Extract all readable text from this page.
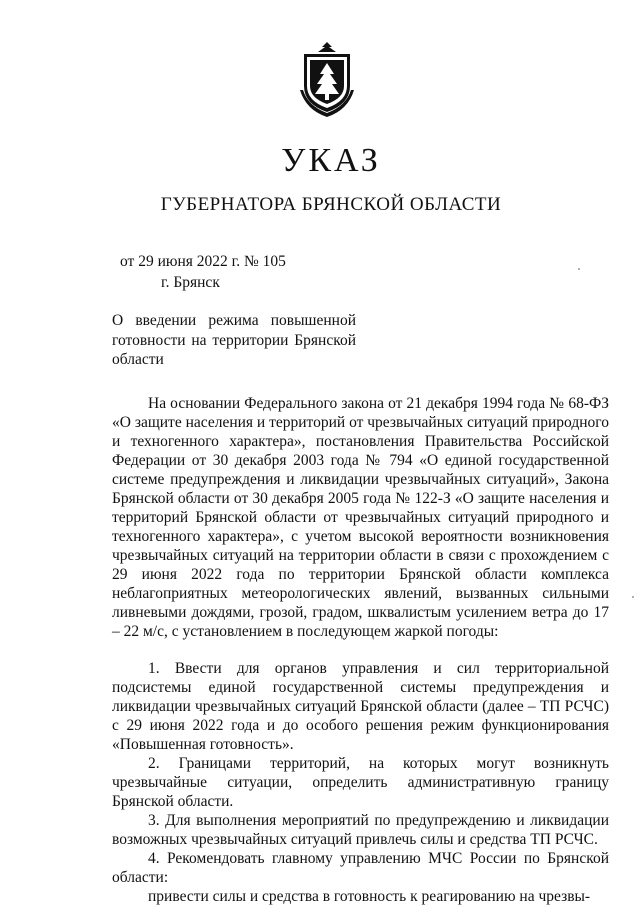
УКАЗ
ГУБЕРНАТОРА БРЯНСКОЙ ОБЛАСТИ
от 29 июня 2022 г. № 105
г. Брянск
О введении режима повышенной готовности на территории Брянской области

На основании Федерального закона от 21 декабря 1994 года № 68-ФЗ «О защите населения и территорий от чрезвычайных ситуаций природного и техногенного характера», постановления Правительства Российской Федерации от 30 декабря 2003 года № 794 «О единой государственной системе предупреждения и ликвидации чрезвычайных ситуаций», Закона Брянской области от 30 декабря 2005 года № 122-З «О защите населения и территорий Брянской области от чрезвычайных ситуаций природного и техногенного характера», с учетом высокой вероятности возникновения чрезвычайных ситуаций на территории области в связи с прохождением с 29 июня 2022 года по территории Брянской области комплекса неблагоприятных метеорологических явлений, вызванных сильными ливневыми дождями, грозой, градом, шквалистым усилением ветра до 17 – 22 м/с, с установлением в последующем жаркой погоды:

1. Ввести для органов управления и сил территориальной подсистемы единой государственной системы предупреждения и ликвидации чрезвычайных ситуаций Брянской области (далее – ТП РСЧС) с 29 июня 2022 года и до особого решения режим функционирования «Повышенная готовность».

2. Границами территорий, на которых могут возникнуть чрезвычайные ситуации, определить административную границу Брянской области.

3. Для выполнения мероприятий по предупреждению и ликвидации возможных чрезвычайных ситуаций привлечь силы и средства ТП РСЧС.

4. Рекомендовать главному управлению МЧС России по Брянской области:

привести силы и средства в готовность к реагированию на чрезвы-
